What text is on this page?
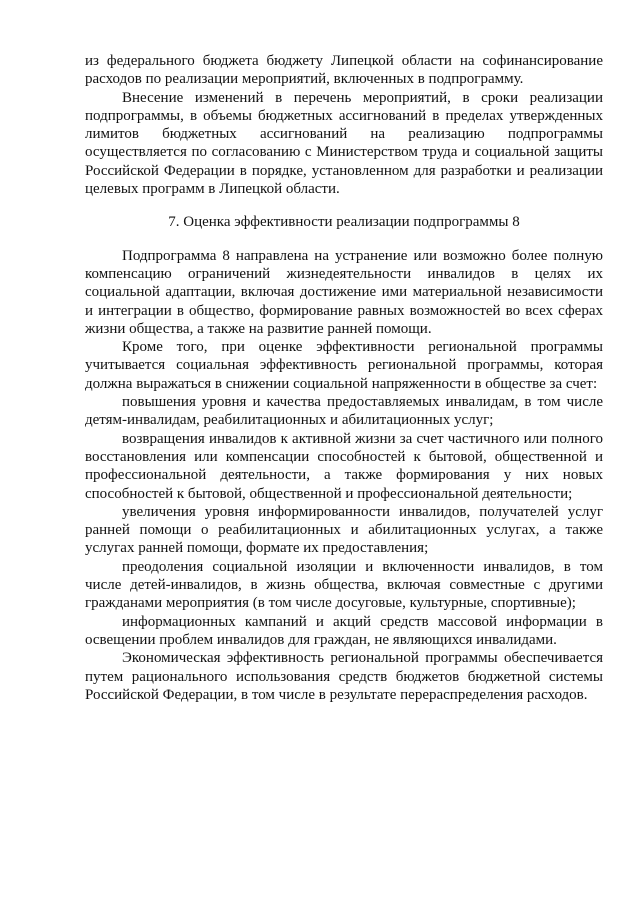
из федерального бюджета бюджету Липецкой области на софинансирование расходов по реализации мероприятий, включенных в подпрограмму.

Внесение изменений в перечень мероприятий, в сроки реализации подпрограммы, в объемы бюджетных ассигнований в пределах утвержденных лимитов бюджетных ассигнований на реализацию подпрограммы осуществляется по согласованию с Министерством труда и социальной защиты Российской Федерации в порядке, установленном для разработки и реализации целевых программ в Липецкой области.

7. Оценка эффективности реализации подпрограммы 8

Подпрограмма 8 направлена на устранение или возможно более полную компенсацию ограничений жизнедеятельности инвалидов в целях их социальной адаптации, включая достижение ими материальной независимости и интеграции в общество, формирование равных возможностей во всех сферах жизни общества, а также на развитие ранней помощи.

Кроме того, при оценке эффективности региональной программы учитывается социальная эффективность региональной программы, которая должна выражаться в снижении социальной напряженности в обществе за счет:

повышения уровня и качества предоставляемых инвалидам, в том числе детям-инвалидам, реабилитационных и абилитационных услуг;

возвращения инвалидов к активной жизни за счет частичного или полного восстановления или компенсации способностей к бытовой, общественной и профессиональной деятельности, а также формирования у них новых способностей к бытовой, общественной и профессиональной деятельности;

увеличения уровня информированности инвалидов, получателей услуг ранней помощи о реабилитационных и абилитационных услугах, а также услугах ранней помощи, формате их предоставления;

преодоления социальной изоляции и включенности инвалидов, в том числе детей-инвалидов, в жизнь общества, включая совместные с другими гражданами мероприятия (в том числе досуговые, культурные, спортивные);

информационных кампаний и акций средств массовой информации в освещении проблем инвалидов для граждан, не являющихся инвалидами.

Экономическая эффективность региональной программы обеспечивается путем рационального использования средств бюджетов бюджетной системы Российской Федерации, в том числе в результате перераспределения расходов.
